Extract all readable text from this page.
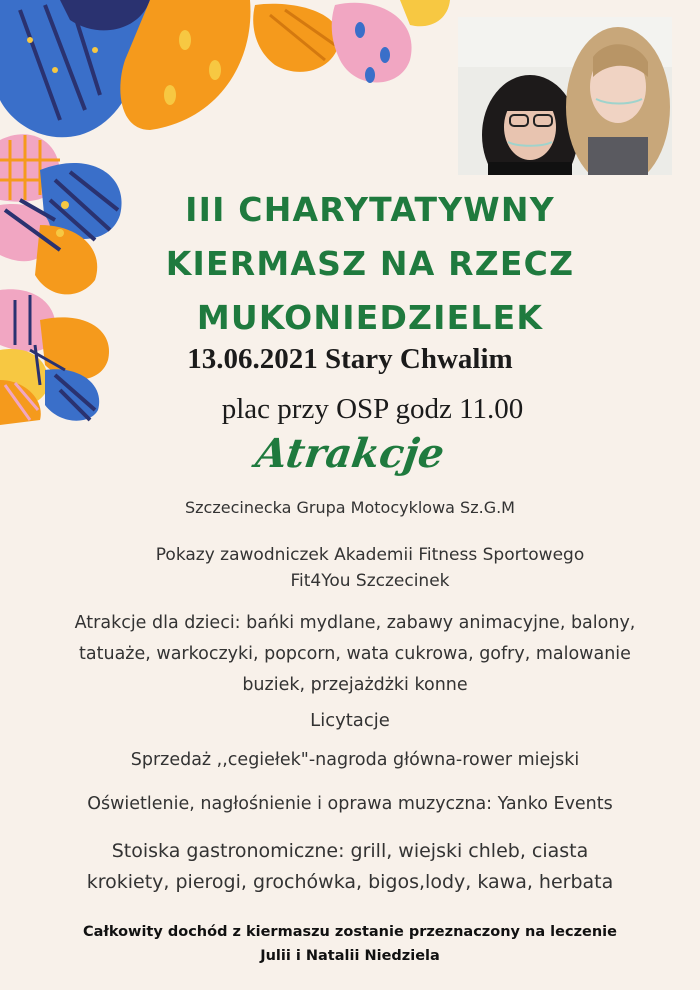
III CHARYTATYWNY
KIERMASZ NA RZECZ
MUKONIEDZIELEK
13.06.2021 Stary Chwalim
plac przy OSP godz 11.00
Atrakcje
Szczecinecka Grupa Motocyklowa Sz.G.M
Pokazy zawodniczek Akademii Fitness Sportowego
Fit4You Szczecinek
Atrakcje dla dzieci: bańki mydlane, zabawy animacyjne, balony,
tatuaże, warkoczyki, popcorn, wata cukrowa, gofry, malowanie
buziek, przejażdżki konne
Licytacje
Sprzedaż ,,cegiełek"-nagroda główna-rower miejski
Oświetlenie, nagłośnienie i oprawa muzyczna: Yanko Events
Stoiska gastronomiczne: grill, wiejski chleb, ciasta
krokiety, pierogi, grochówka, bigos,lody, kawa, herbata
Całkowity dochód z kiermaszu zostanie przeznaczony na leczenie
Julii i Natalii Niedziela
